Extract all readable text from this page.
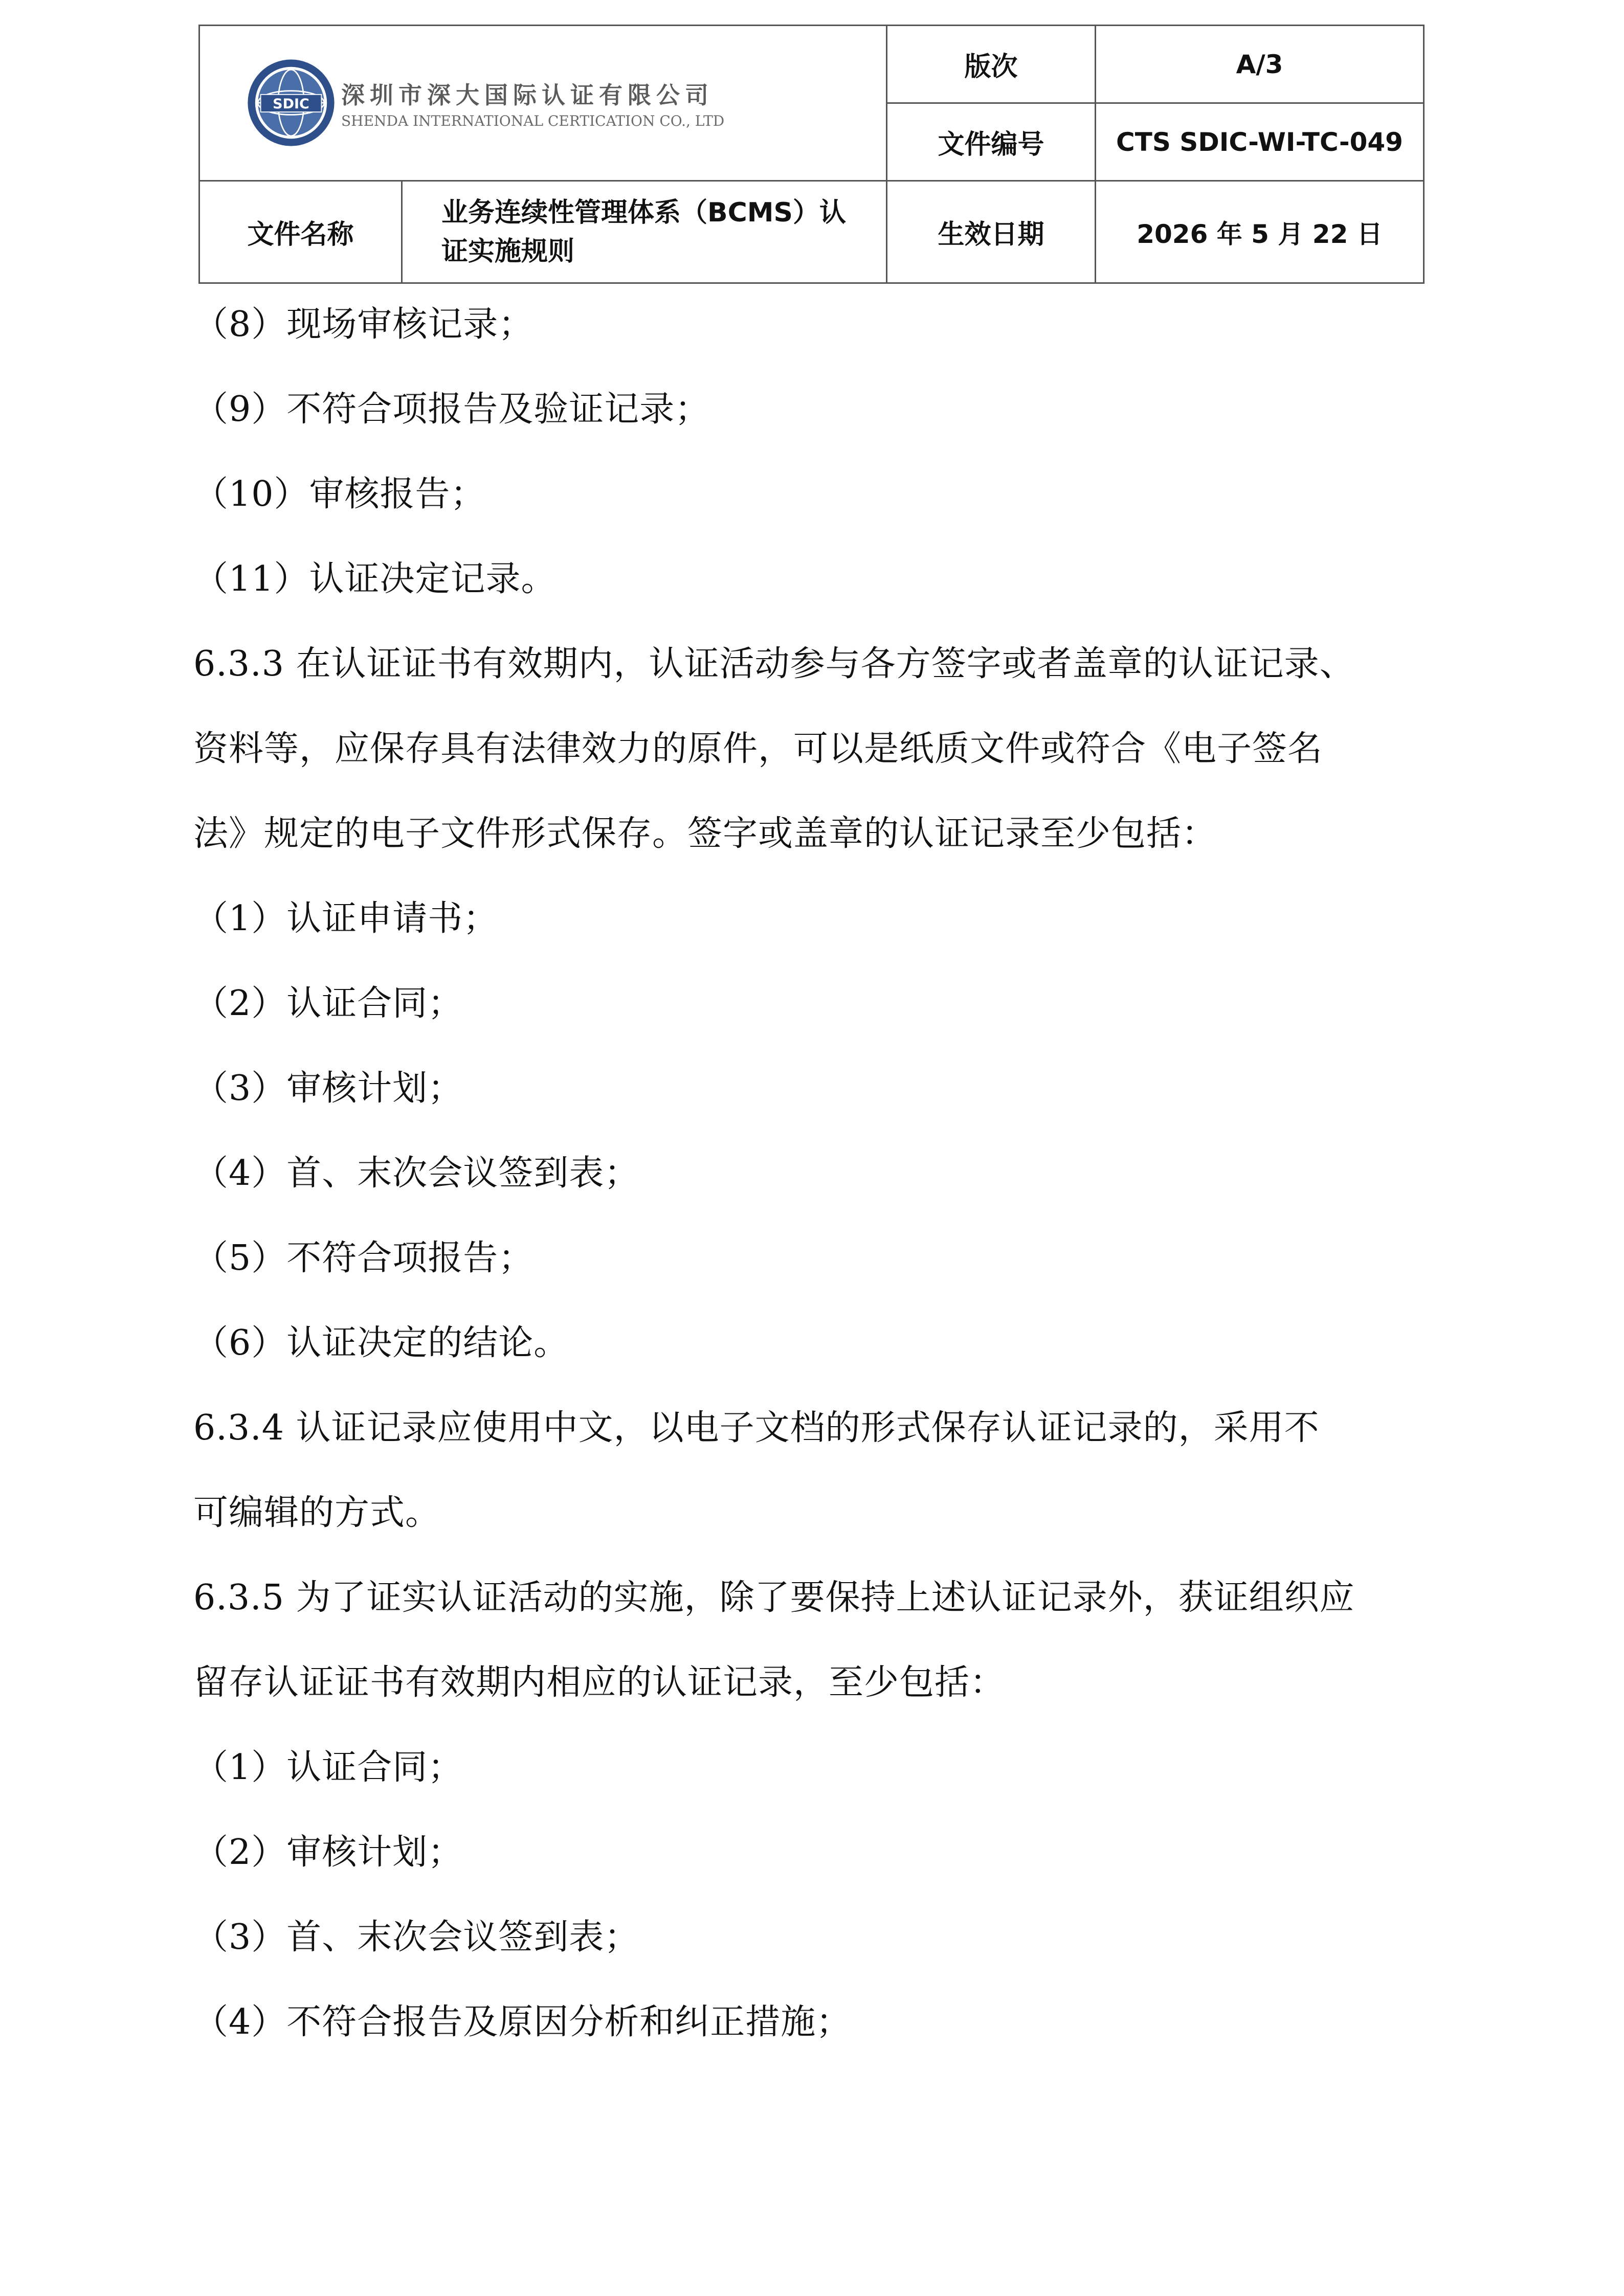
SDIC 深圳市深大国际认证有限公司
SHENDA INTERNATIONAL CERTICATION CO., LTD		版次	A/3
		文件编号	CTS SDIC-WI-TC-049
文件名称	业务连续性管理体系（BCMS）认
证实施规则	生效日期	2026 年 5 月 22 日
（8）现场审核记录；
（9）不符合项报告及验证记录；
（10）审核报告；
（11）认证决定记录。
6.3.3 在认证证书有效期内，认证活动参与各方签字或者盖章的认证记录、
资料等，应保存具有法律效力的原件，可以是纸质文件或符合《电子签名
法》规定的电子文件形式保存。签字或盖章的认证记录至少包括：
（1）认证申请书；
（2）认证合同；
（3）审核计划；
（4）首、末次会议签到表；
（5）不符合项报告；
（6）认证决定的结论。
6.3.4 认证记录应使用中文，以电子文档的形式保存认证记录的，采用不
可编辑的方式。
6.3.5 为了证实认证活动的实施，除了要保持上述认证记录外，获证组织应
留存认证证书有效期内相应的认证记录，至少包括：
（1）认证合同；
（2）审核计划；
（3）首、末次会议签到表；
（4）不符合报告及原因分析和纠正措施；
